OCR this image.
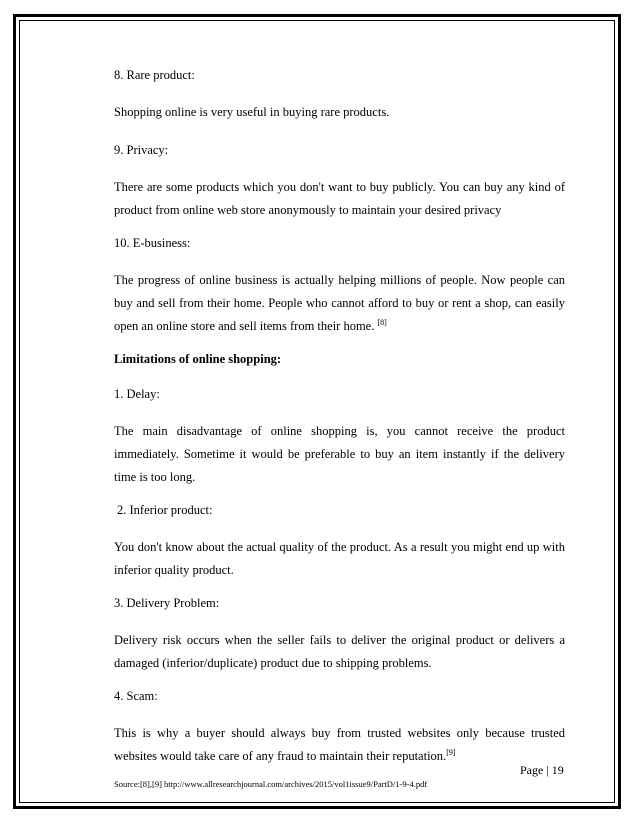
8. Rare product:
Shopping online is very useful in buying rare products.
9. Privacy:
There are some products which you don't want to buy publicly. You can buy any kind of product from online web store anonymously to maintain your desired privacy
10. E-business:
The progress of online business is actually helping millions of people. Now people can buy and sell from their home. People who cannot afford to buy or rent a shop, can easily open an online store and sell items from their home. [8]
Limitations of online shopping:
1. Delay:
The main disadvantage of online shopping is, you cannot receive the product immediately. Sometime it would be preferable to buy an item instantly if the delivery time is too long.
2. Inferior product:
You don't know about the actual quality of the product. As a result you might end up with inferior quality product.
3. Delivery Problem:
Delivery risk occurs when the seller fails to deliver the original product or delivers a damaged (inferior/duplicate) product due to shipping problems.
4. Scam:
This is why a buyer should always buy from trusted websites only because trusted websites would take care of any fraud to maintain their reputation.[9]
Source:[8],[9] http://www.allresearchjournal.com/archives/2015/vol1issue9/PartD/1-9-4.pdf
Page | 19
